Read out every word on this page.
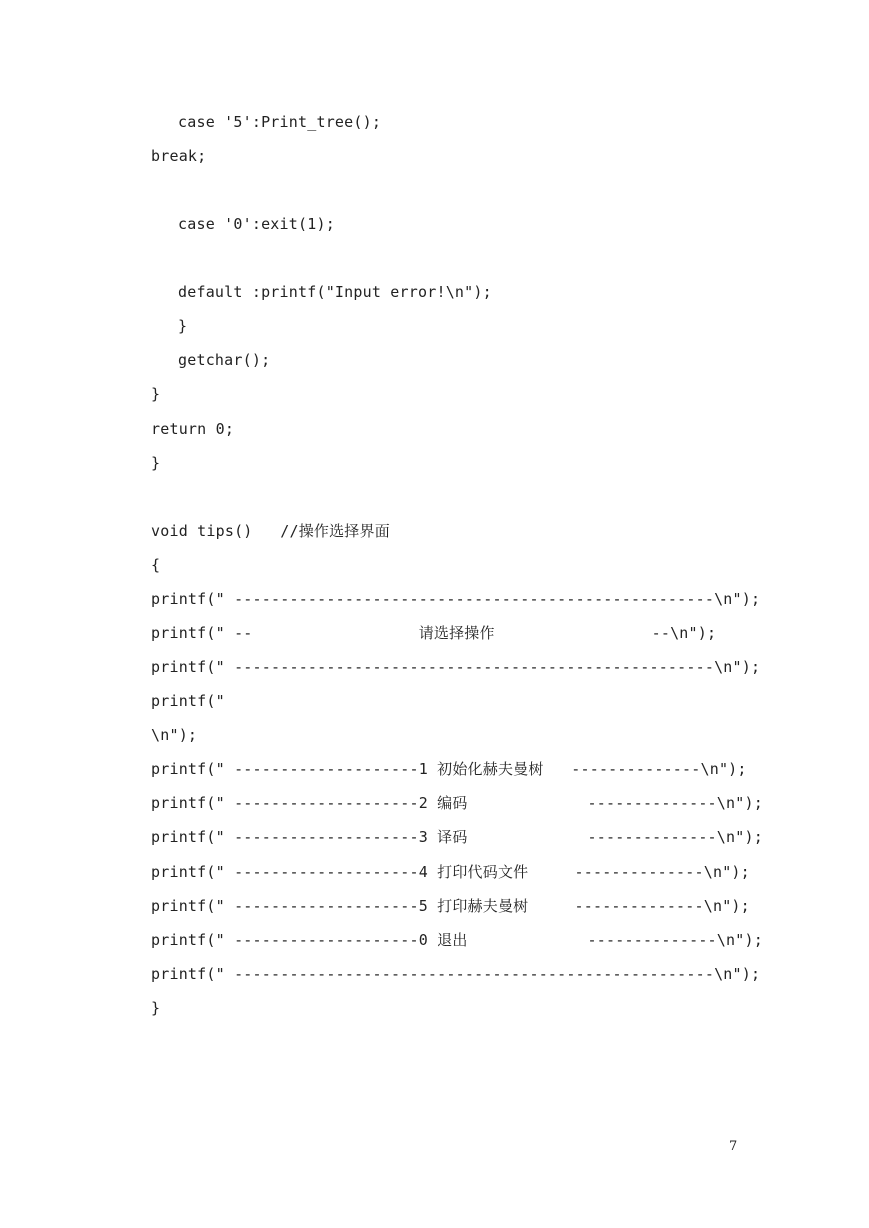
case '5':Print_tree();
break;
case '0':exit(1);
default :printf("Input error!\n");
}
getchar();
}
return 0;
}
void tips()   //操作选择界面
{
printf(" ----------------------------------------------------\n");
printf(" --                  请选择操作                 --\n");
printf(" ----------------------------------------------------\n");
printf("
\n");
printf(" --------------------1 初始化赫夫曼树   --------------\n");
printf(" --------------------2 编码             --------------\n");
printf(" --------------------3 译码             --------------\n");
printf(" --------------------4 打印代码文件     --------------\n");
printf(" --------------------5 打印赫夫曼树     --------------\n");
printf(" --------------------0 退出             --------------\n");
printf(" ----------------------------------------------------\n");
}
7
